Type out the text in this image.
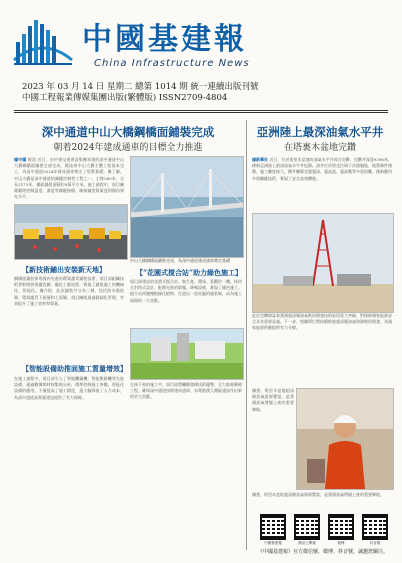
中國基建報
China Infrastructure News
2023 年 03 月 14 日 星期二 總第 1014 期 統一連續出版刊號
中國工程報業傳媒集團出版(繁體版) ISSN2709-4804
深中通道中山大橋鋼橋面鋪裝完成
朝着2024年建成通車的目標全力推進
亞洲陸上最深油氣水平井
在塔裏木盆地完鑽
據中國 報訊 近日，由中建交通建設集團承建的深中通道中山大橋鋼橋面鋪裝全部完成，標誌着中山大橋主體工程基本完工，為深中通道2024年建成通車奠定了堅實基礎。據了解，中山大橋是深中通道的關鍵控制性工程之一，主跨580米，全長2175米，橋面鋪裝面積約9萬平方米。施工過程中，項目團隊嚴格控制溫度、濕度等關鍵指標，確保鋪裝質量達到國內領先水平。
【新技術鋪出安裝新天地】
鋼橋面鋪裝採用國內先進的環氧瀝青鋪裝技術，項目部組織技術骨幹開展專題攻關，優化工藝流程，實現了鋪裝施工的機械化、智能化。據介紹，此次鋪裝共分為三層，包括防水黏結層、環氧瀝青下面層和上面層。項目團隊通過精細化管理，有效提升了施工效率和質量。
【智能設備助推面施工質量增效】
在施工過程中，項目部引入了智能攤鋪機、智能壓路機等先進設備，通過數據實時採集與分析，精準控制施工參數。智能化設備的應用，不僅提高了施工精度，還大幅降低了人力成本，為深中通道高質量建設提供了有力保障。
中山大橋鋼橋面鋪裝完成，為深中通道建成通車奠定基礎
【“花園式搅合站”助力綠色施工】
項目部建設的花園式搅合站，集生產、環保、景觀於一體，採用全封閉式設計，配備先進的除塵、降噪設備，實現了綠色施工。搅合站周邊種植綠化植物，打造出一道亮麗的風景線，成為施工現場的一大亮點。
在接下來的施工中，項目部將繼續發揮技術優勢，全力推進剩餘工程，確保深中通道按期建成通車，為粵港澳大灣區建設作出新的更大貢獻。
據新華社 近日，位於塔里木盆地的油氣水平井成功完鑽，完鑽井深達9396米，刷新亞洲陸上最深油氣水平井紀錄。該井位於塔克拉瑪干沙漠腹地，地質條件複雜，施工難度極大。鑽井團隊克服超深、超高溫、超高壓等多重困難，創新應用多項關鍵技術，實現了安全高效鑽進。
此次完鑽標誌着我國超深層油氣勘探開發技術取得重大突破，對保障國家能源安全具有重要意義。下一步，相關單位將持續推進超深層油氣資源勘探開發，為國家能源供應提供有力支撐。
據悉，塔里木盆地超深層油氣資源豐富，是我國油氣增儲上產的重要陣地。
據悉，塔里木盆地超深層油氣資源豐富，是我國油氣增儲上產的重要陣地。
中國基建報	微信公眾號	微博	抖音號
《中國基建報》官方微信號、微博、抖音號，誠邀您關注。
